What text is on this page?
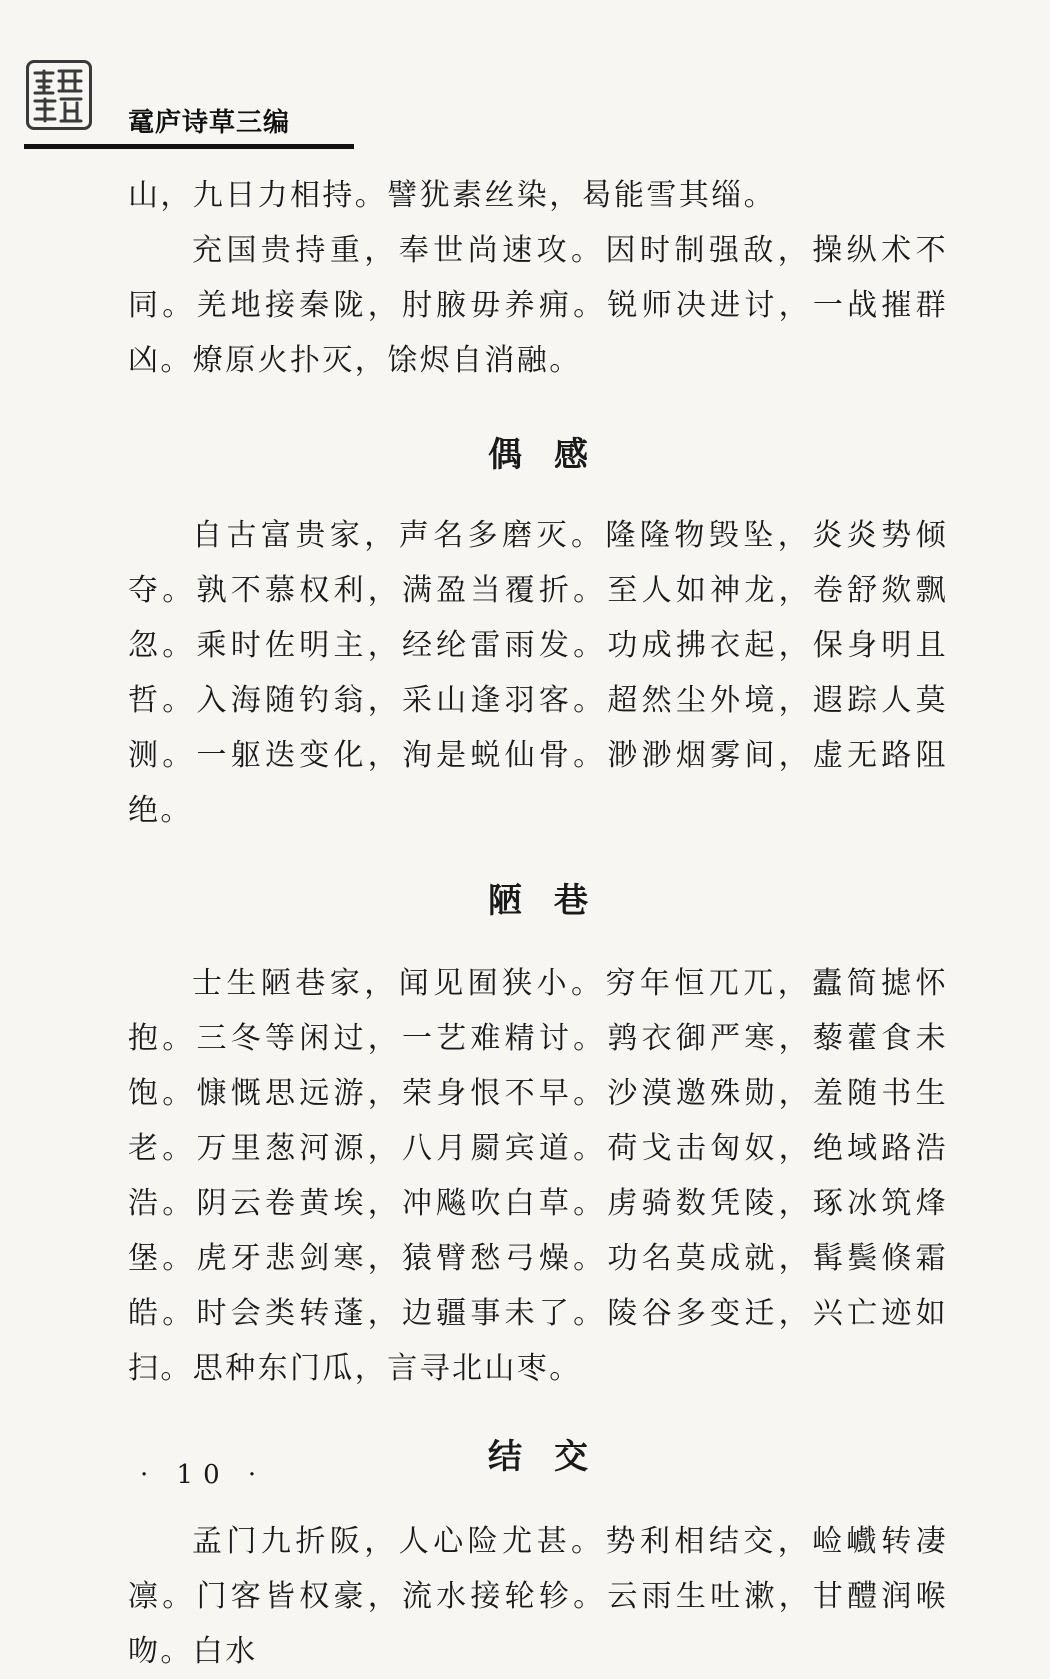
鼋庐诗草三编

山，九日力相持。譬犹素丝染，曷能雪其缁。

充国贵持重，奉世尚速攻。因时制强敌，操纵术不同。羌地接秦陇，肘腋毋养痈。锐师决进讨，一战摧群凶。燎原火扑灭，馀烬自消融。

偶感

自古富贵家，声名多磨灭。隆隆物毁坠，炎炎势倾夺。孰不慕权利，满盈当覆折。至人如神龙，卷舒欻飘忽。乘时佐明主，经纶雷雨发。功成拂衣起，保身明且哲。入海随钓翁，采山逢羽客。超然尘外境，遐踪人莫测。一躯迭变化，洵是蜕仙骨。渺渺烟雾间，虚无路阻绝。

陋巷

士生陋巷家，闻见囿狭小。穷年恒兀兀，蠹简摅怀抱。三冬等闲过，一艺难精讨。鹑衣御严寒，藜藿食未饱。慷慨思远游，荣身恨不早。沙漠邀殊勋，羞随书生老。万里葱河源，八月罽宾道。荷戈击匈奴，绝域路浩浩。阴云卷黄埃，冲飚吹白草。虏骑数凭陵，琢冰筑烽堡。虎牙悲剑寒，猿臂愁弓燥。功名莫成就，髯鬓倏霜皓。时会类转蓬，边疆事未了。陵谷多变迁，兴亡迹如扫。思种东门瓜，言寻北山枣。

结交

孟门九折阪，人心险尤甚。势利相结交，崄巇转凄凛。门客皆权豪，流水接轮轸。云雨生吐漱，甘醴润喉吻。白水

· 10 ·
